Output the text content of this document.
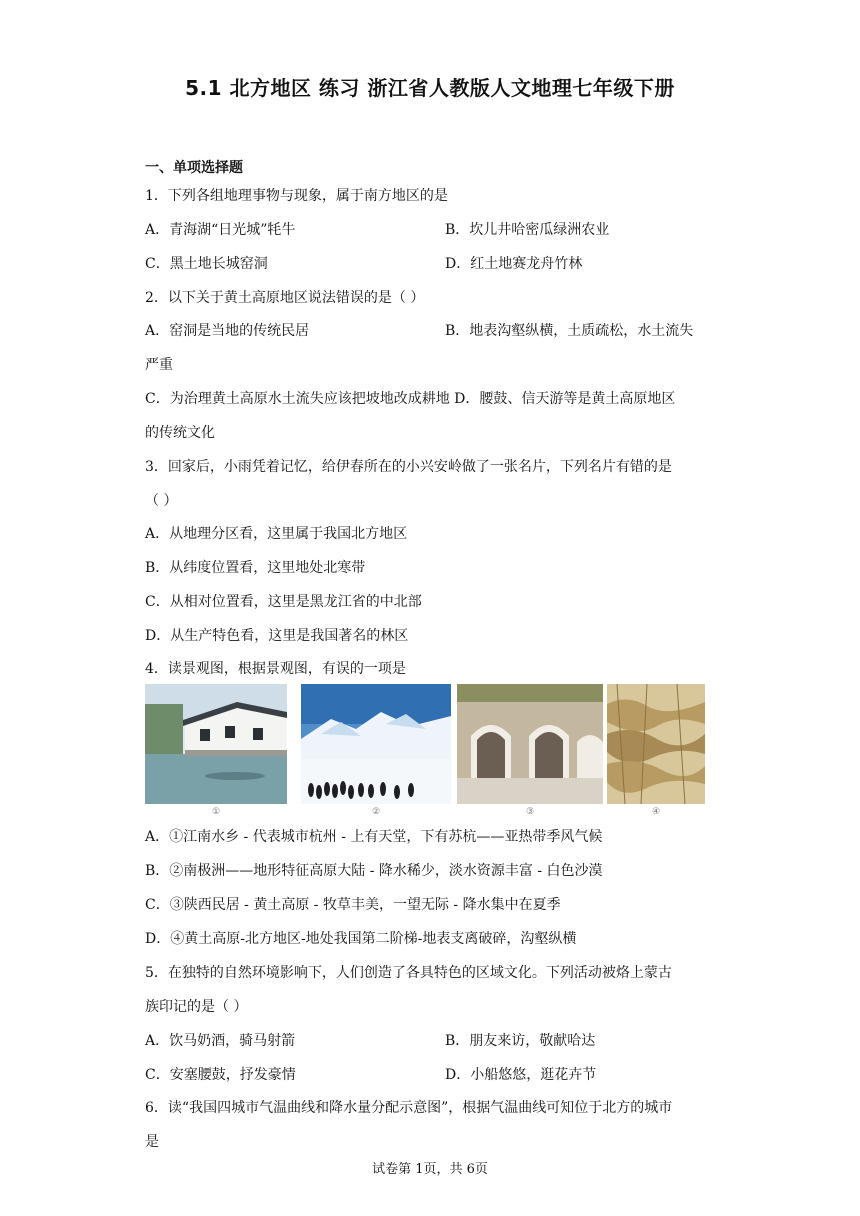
5.1 北方地区 练习 浙江省人教版人文地理七年级下册
一、单项选择题
1．下列各组地理事物与现象，属于南方地区的是
A．青海湖“日光城”牦牛	B．坎儿井哈密瓜绿洲农业
C．黑土地长城窑洞	D．红土地赛龙舟竹林
2．以下关于黄土高原地区说法错误的是（ ）
A．窑洞是当地的传统民居	B．地表沟壑纵横，土质疏松，水土流失
严重
C．为治理黄土高原水土流失应该把坡地改成耕地 D．腰鼓、信天游等是黄土高原地区
的传统文化
3．回家后，小雨凭着记忆，给伊春所在的小兴安岭做了一张名片，下列名片有错的是
（ ）
A．从地理分区看，这里属于我国北方地区
B．从纬度位置看，这里地处北寒带
C．从相对位置看，这里是黑龙江省的中北部
D．从生产特色看，这里是我国著名的林区
4．读景观图，根据景观图，有误的一项是
①	②	③	④
A．①江南水乡 - 代表城市杭州 - 上有天堂，下有苏杭——亚热带季风气候
B．②南极洲——地形特征高原大陆 - 降水稀少，淡水资源丰富 - 白色沙漠
C．③陕西民居 - 黄土高原 - 牧草丰美，一望无际 - 降水集中在夏季
D．④黄土高原-北方地区-地处我国第二阶梯-地表支离破碎，沟壑纵横
5．在独特的自然环境影响下，人们创造了各具特色的区域文化。下列活动被烙上蒙古
族印记的是（ ）
A．饮马奶酒，骑马射箭	B．朋友来访，敬献哈达
C．安塞腰鼓，抒发豪情	D．小船悠悠，逛花卉节
6．读“我国四城市气温曲线和降水量分配示意图”，根据气温曲线可知位于北方的城市
是
试卷第 1页，共 6页
